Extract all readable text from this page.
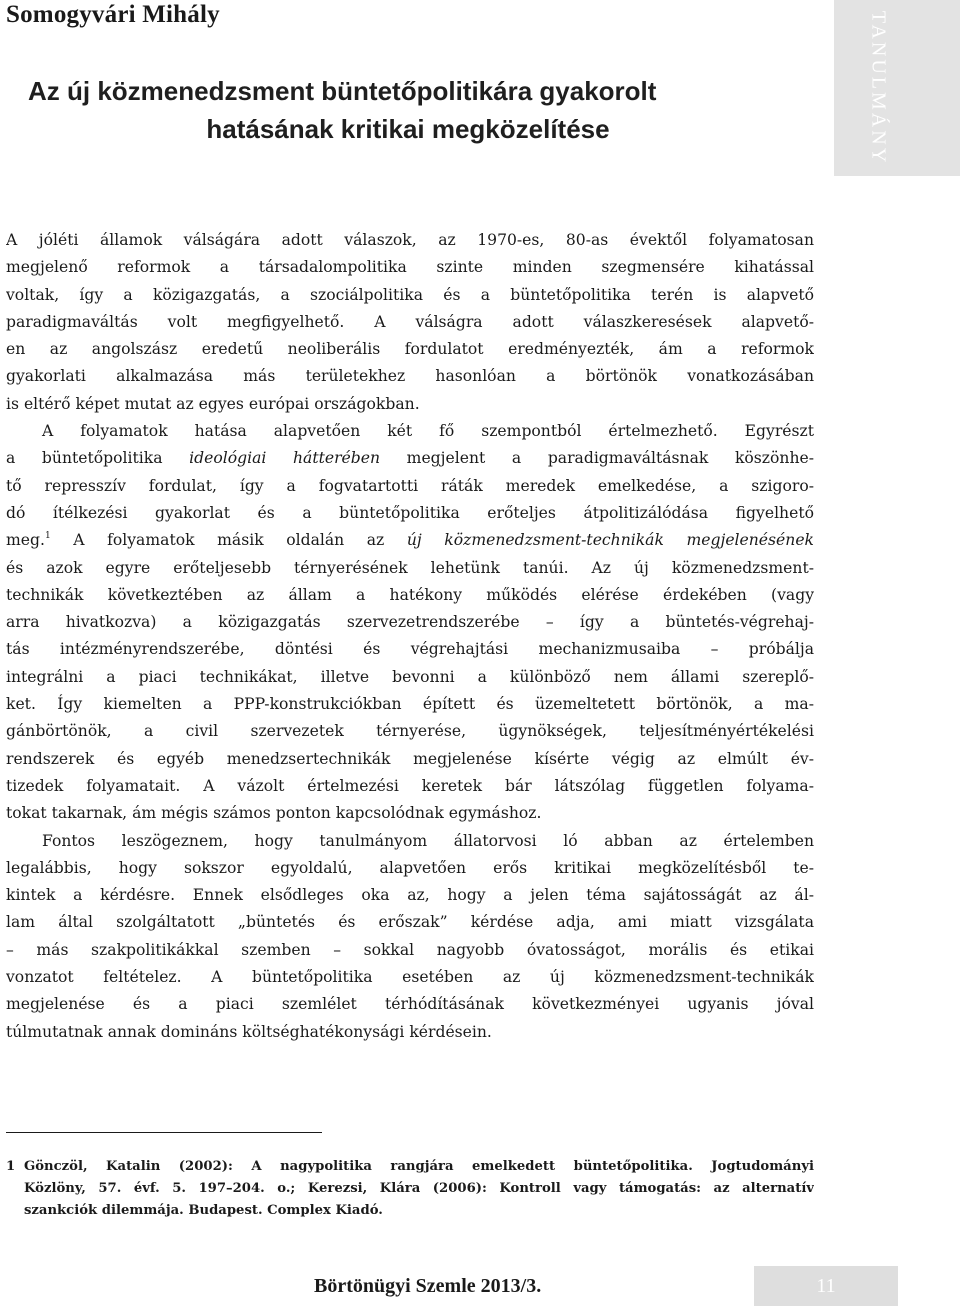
Somogyvári Mihály
Az új közmenedzsment büntetőpolitikára gyakorolt
hatásának kritikai megközelítése	TANULMÁNY
A jóléti államok válságára adott válaszok, az 1970-es, 80-as évektől folyamatosan
megjelenő reformok a társadalompolitika szinte minden szegmensére kihatással
voltak, így a közigazgatás, a szociálpolitika és a büntetőpolitika terén is alapvető
paradigmaváltás volt megfigyelhető. A válságra adott válaszkeresések alapvető-
en az angolszász eredetű neoliberális fordulatot eredményezték, ám a reformok
gyakorlati alkalmazása más területekhez hasonlóan a börtönök vonatkozásában
is eltérő képet mutat az egyes európai országokban.
A folyamatok hatása alapvetően két fő szempontból értelmezhető. Egyrészt
a büntetőpolitika ideológiai hátterében megjelent a paradigmaváltásnak köszönhe-
tő represszív fordulat, így a fogvatartotti ráták meredek emelkedése, a szigoro-
dó ítélkezési gyakorlat és a büntetőpolitika erőteljes átpolitizálódása figyelhető
meg.$^1$ A folyamatok másik oldalán az új közmenedzsment-technikák megjelenésének
és azok egyre erőteljesebb térnyerésének lehetünk tanúi. Az új közmenedzsment-
technikák következtében az állam a hatékony működés elérése érdekében (vagy
arra hivatkozva) a közigazgatás szervezetrendszerébe – így a büntetés-végrehaj-
tás intézményrendszerébe, döntési és végrehajtási mechanizmusaiba – próbálja
integrálni a piaci technikákat, illetve bevonni a különböző nem állami szereplő-
ket. Így kiemelten a PPP-konstrukciókban épített és üzemeltetett börtönök, a ma-
gánbörtönök, a civil szervezetek térnyerése, ügynökségek, teljesítményértékelési
rendszerek és egyéb menedzsertechnikák megjelenése kísérte végig az elmúlt év-
tizedek folyamatait. A vázolt értelmezési keretek bár látszólag független folyama-
tokat takarnak, ám mégis számos ponton kapcsolódnak egymáshoz.
Fontos leszögeznem, hogy tanulmányom állatorvosi ló abban az értelemben
legalábbis, hogy sokszor egyoldalú, alapvetően erős kritikai megközelítésből te-
kintek a kérdésre. Ennek elsődleges oka az, hogy a jelen téma sajátosságát az ál-
lam által szolgáltatott „büntetés és erőszak” kérdése adja, ami miatt vizsgálata
– más szakpolitikákkal szemben – sokkal nagyobb óvatosságot, morális és etikai
vonzatot feltételez. A büntetőpolitika esetében az új közmenedzsment-technikák
megjelenése és a piaci szemlélet térhódításának következményei ugyanis jóval
túlmutatnak annak domináns költséghatékonysági kérdésein.
1 Gönczöl, Katalin (2002): A nagypolitika rangjára emelkedett büntetőpolitika. Jogtudományi
Közlöny, 57. évf. 5. 197–204. o.; Kerezsi, Klára (2006): Kontroll vagy támogatás: az alternatív
szankciók dilemmája. Budapest. Complex Kiadó.
Börtönügyi Szemle 2013/3.	11
